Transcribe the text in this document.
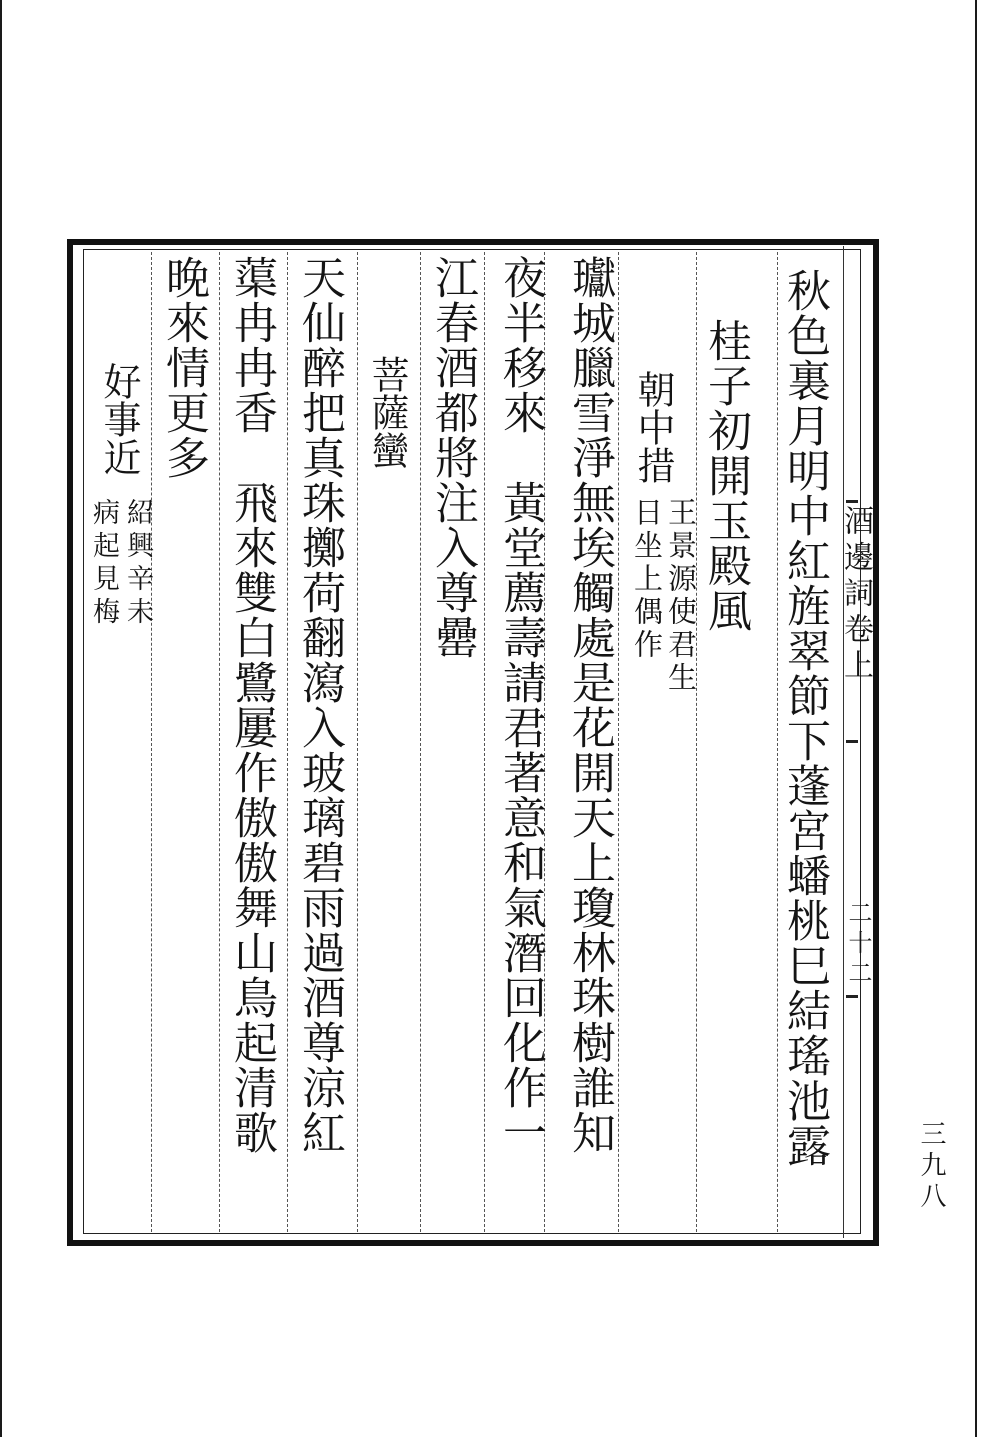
酒邊詞卷上
二十二
秋色裏月明中紅旌翠節下蓬宮蟠桃巳結瑤池露
桂子初開玉殿風
朝中措
王景源使君生
日坐上偶作
瓛城臘雪淨無埃觸處是花開天上瓊林珠樹誰知
夜半移來　黃堂薦壽請君著意和氣潛回化作一
江春酒都將注入尊罍
菩薩蠻
天仙醉把真珠擲荷翻瀉入玻璃碧雨過酒尊涼紅
蕖冉冉香　飛來雙白鷺屢作傲傲舞山鳥起清歌
晚來情更多
好事近
紹興辛未
病起見梅
三九八
